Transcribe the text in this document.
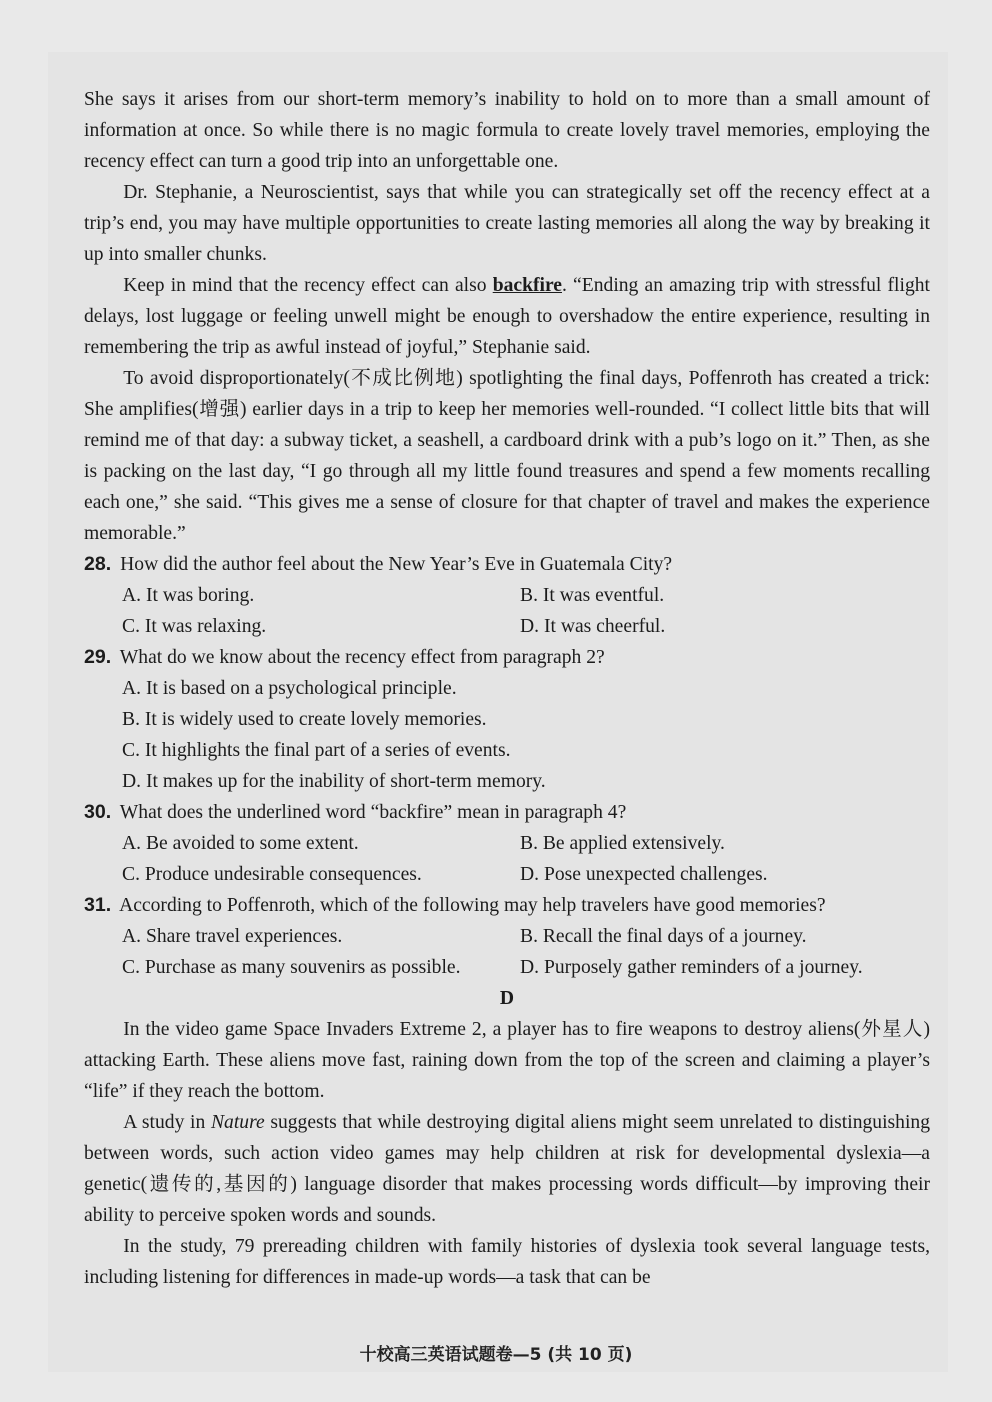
She says it arises from our short-term memory’s inability to hold on to more than a small amount of information at once. So while there is no magic formula to create lovely travel memories, employing the recency effect can turn a good trip into an unforgettable one.

Dr. Stephanie, a Neuroscientist, says that while you can strategically set off the recency effect at a trip’s end, you may have multiple opportunities to create lasting memories all along the way by breaking it up into smaller chunks.

Keep in mind that the recency effect can also backfire. “Ending an amazing trip with stressful flight delays, lost luggage or feeling unwell might be enough to overshadow the entire experience, resulting in remembering the trip as awful instead of joyful,” Stephanie said.

To avoid disproportionately(不成比例地) spotlighting the final days, Poffenroth has created a trick: She amplifies(增强) earlier days in a trip to keep her memories well-rounded. “I collect little bits that will remind me of that day: a subway ticket, a seashell, a cardboard drink with a pub’s logo on it.” Then, as she is packing on the last day, “I go through all my little found treasures and spend a few moments recalling each one,” she said. “This gives me a sense of closure for that chapter of travel and makes the experience memorable.”

28. How did the author feel about the New Year’s Eve in Guatemala City?
A. It was boring.	B. It was eventful.
C. It was relaxing.	D. It was cheerful.
29. What do we know about the recency effect from paragraph 2?
A. It is based on a psychological principle.
B. It is widely used to create lovely memories.
C. It highlights the final part of a series of events.
D. It makes up for the inability of short-term memory.
30. What does the underlined word “backfire” mean in paragraph 4?
A. Be avoided to some extent.	B. Be applied extensively.
C. Produce undesirable consequences.	D. Pose unexpected challenges.
31. According to Poffenroth, which of the following may help travelers have good memories?
A. Share travel experiences.	B. Recall the final days of a journey.
C. Purchase as many souvenirs as possible.	D. Purposely gather reminders of a journey.

D

In the video game Space Invaders Extreme 2, a player has to fire weapons to destroy aliens(外星人) attacking Earth. These aliens move fast, raining down from the top of the screen and claiming a player’s “life” if they reach the bottom.

A study in Nature suggests that while destroying digital aliens might seem unrelated to distinguishing between words, such action video games may help children at risk for developmental dyslexia—a genetic(遗传的,基因的) language disorder that makes processing words difficult—by improving their ability to perceive spoken words and sounds.

In the study, 79 prereading children with family histories of dyslexia took several language tests, including listening for differences in made-up words—a task that can be

十校高三英语试题卷—5 (共 10 页)
